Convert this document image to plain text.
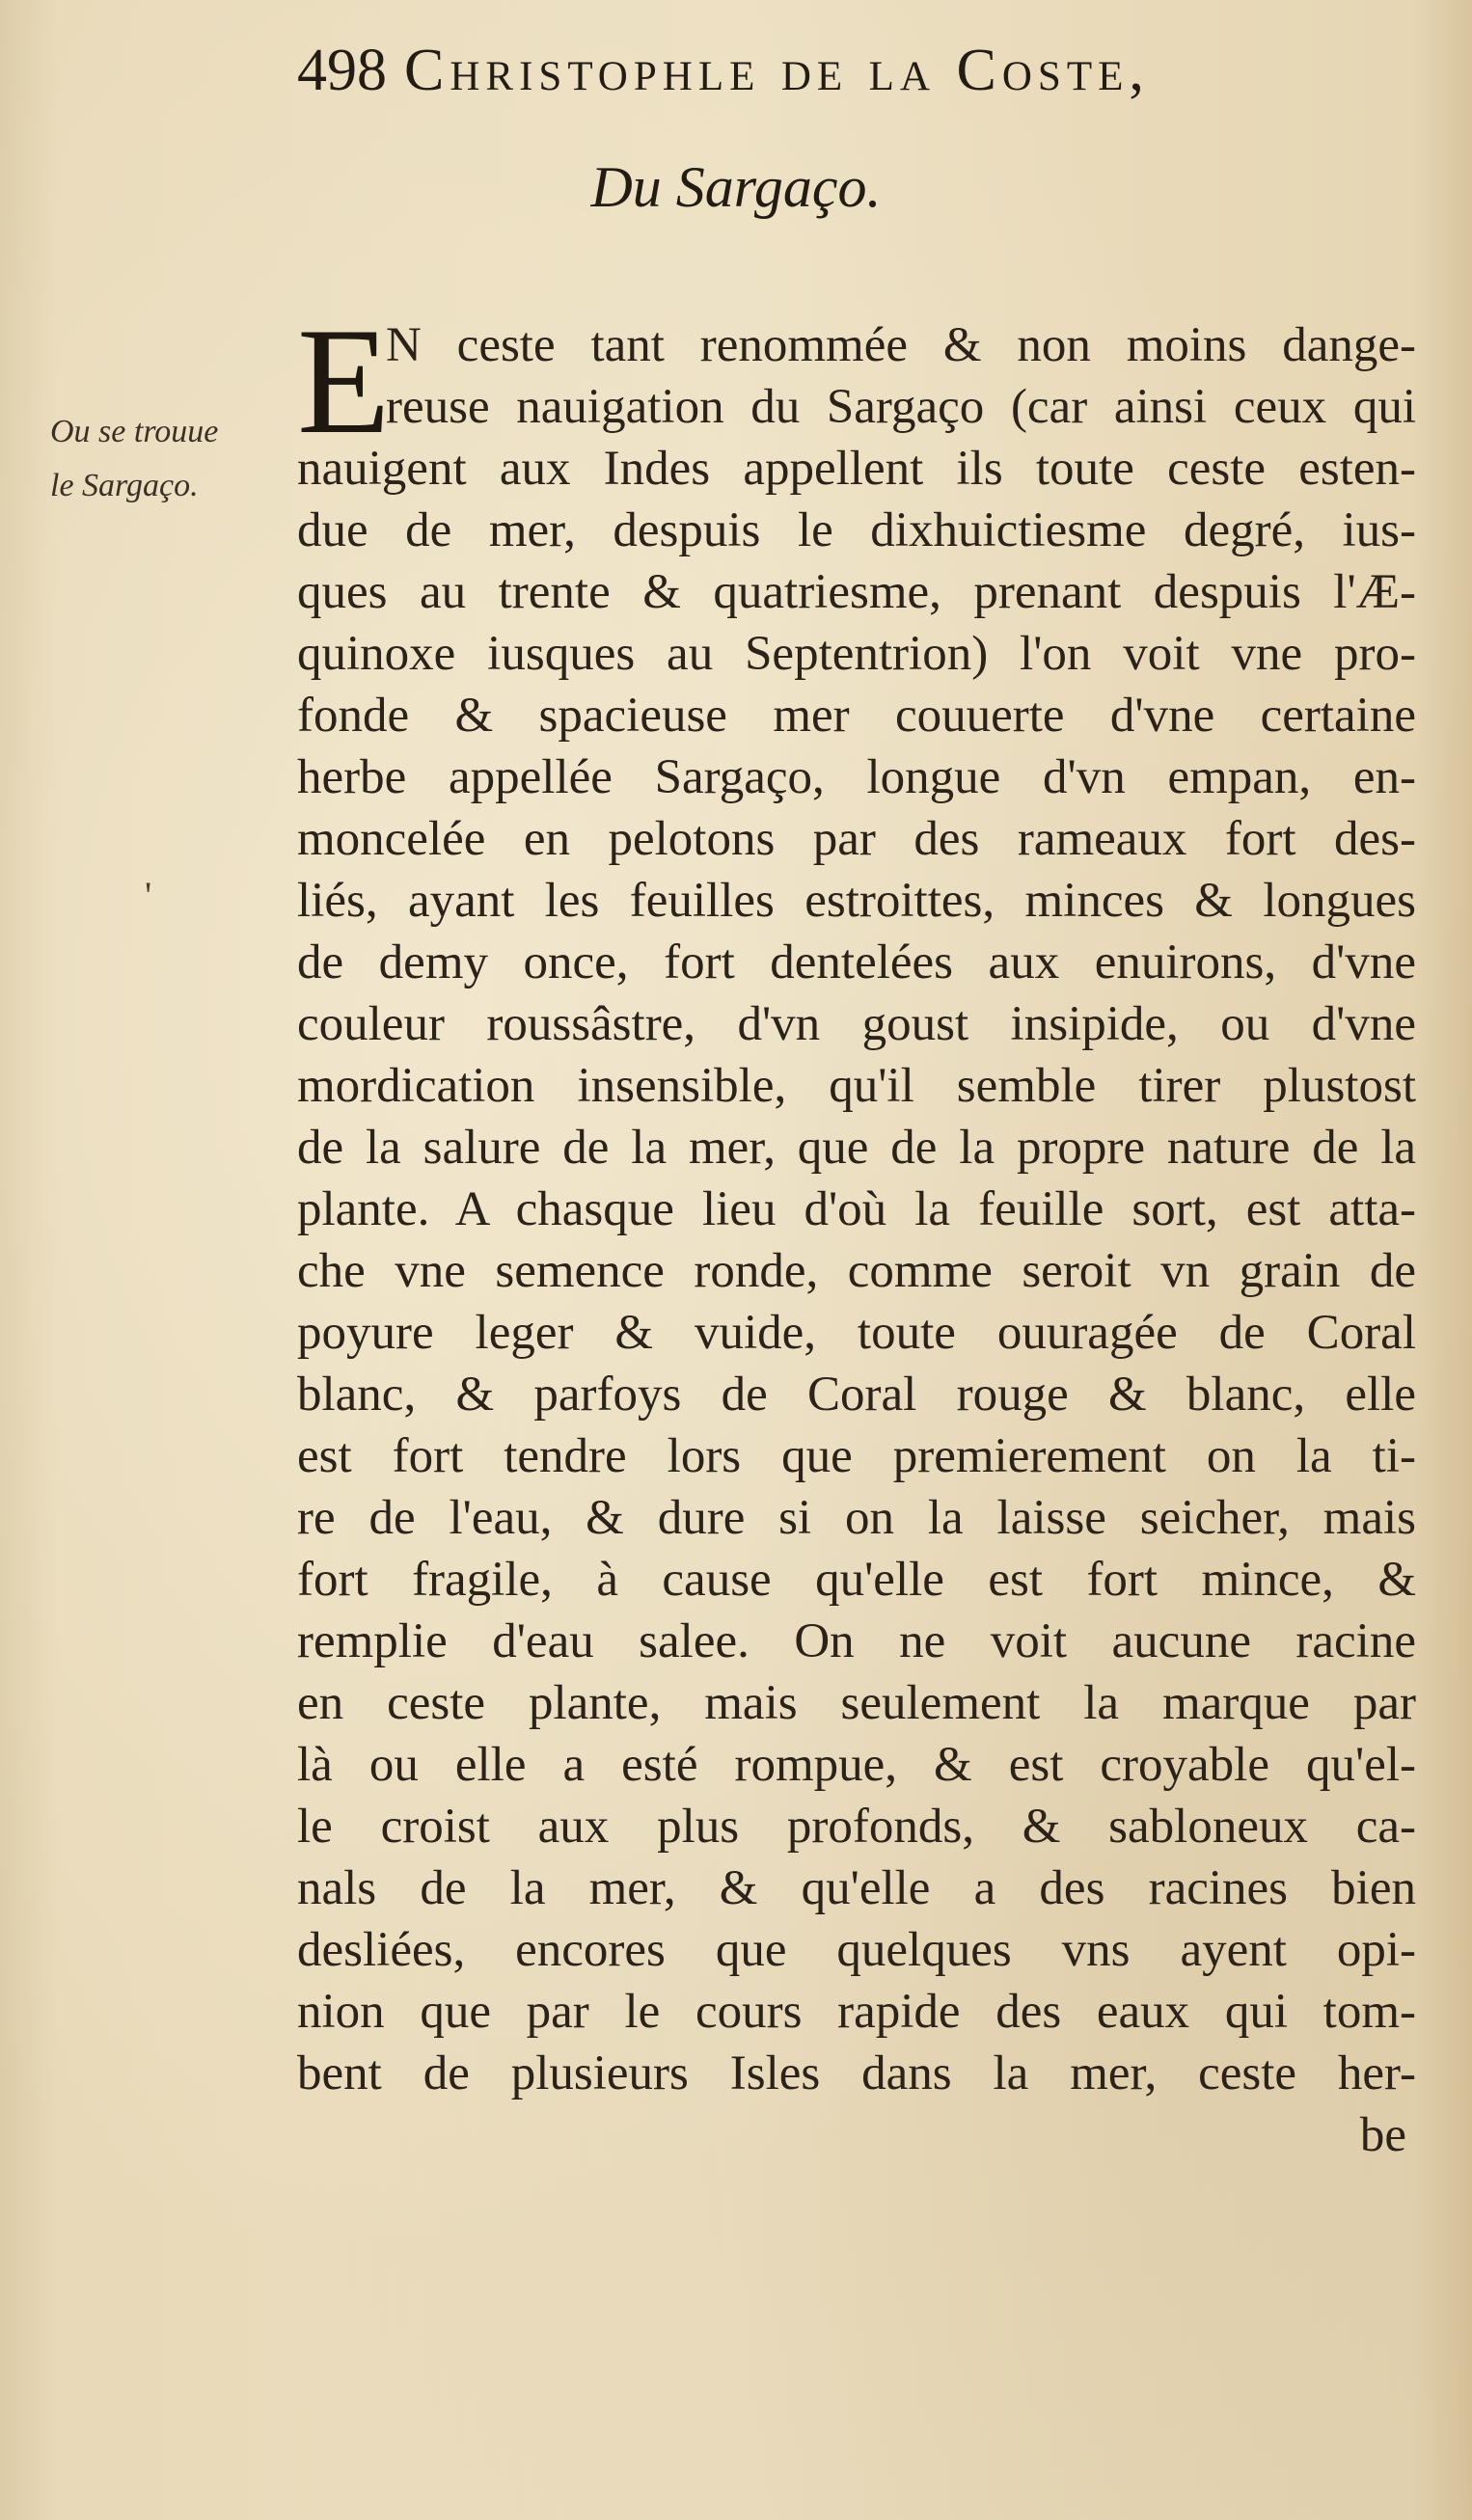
498 Christophle de la Coste,
Du Sargaço.
Ou se trouue
le Sargaço.
'
E
N ceste tant renommée & non moins dange-
reuse nauigation du Sargaço (car ainsi ceux qui
nauigent aux Indes appellent ils toute ceste esten-
due de mer, despuis le dixhuictiesme degré, ius-
ques au trente & quatriesme, prenant despuis l'Æ-
quinoxe iusques au Septentrion) l'on voit vne pro-
fonde & spacieuse mer couuerte d'vne certaine
herbe appellée Sargaço, longue d'vn empan, en-
moncelée en pelotons par des rameaux fort des-
liés, ayant les feuilles estroittes, minces & longues
de demy once, fort dentelées aux enuirons, d'vne
couleur roussâstre, d'vn goust insipide, ou d'vne
mordication insensible, qu'il semble tirer plustost
de la salure de la mer, que de la propre nature de la
plante. A chasque lieu d'où la feuille sort, est atta-
che vne semence ronde, comme seroit vn grain de
poyure leger & vuide, toute ouuragée de Coral
blanc, & parfoys de Coral rouge & blanc, elle
est fort tendre lors que premierement on la ti-
re de l'eau, & dure si on la laisse seicher, mais
fort fragile, à cause qu'elle est fort mince, &
remplie d'eau salee. On ne voit aucune racine
en ceste plante, mais seulement la marque par
là ou elle a esté rompue, & est croyable qu'el-
le croist aux plus profonds, & sabloneux ca-
nals de la mer, & qu'elle a des racines bien
desliées, encores que quelques vns ayent opi-
nion que par le cours rapide des eaux qui tom-
bent de plusieurs Isles dans la mer, ceste her-
be
